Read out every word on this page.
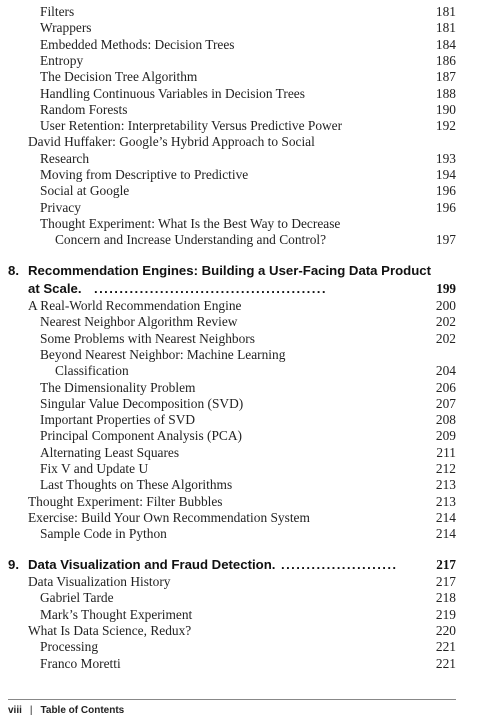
Filters	181
Wrappers	181
Embedded Methods: Decision Trees	184
Entropy	186
The Decision Tree Algorithm	187
Handling Continuous Variables in Decision Trees	188
Random Forests	190
User Retention: Interpretability Versus Predictive Power	192
David Huffaker: Google’s Hybrid Approach to Social
Research	193
Moving from Descriptive to Predictive	194
Social at Google	196
Privacy	196
Thought Experiment: What Is the Best Way to Decrease
Concern and Increase Understanding and Control?	197
8. Recommendation Engines: Building a User-Facing Data Product
at Scale. ..............................................	199
A Real-World Recommendation Engine	200
Nearest Neighbor Algorithm Review	202
Some Problems with Nearest Neighbors	202
Beyond Nearest Neighbor: Machine Learning
Classification	204
The Dimensionality Problem	206
Singular Value Decomposition (SVD)	207
Important Properties of SVD	208
Principal Component Analysis (PCA)	209
Alternating Least Squares	211
Fix V and Update U	212
Last Thoughts on These Algorithms	213
Thought Experiment: Filter Bubbles	213
Exercise: Build Your Own Recommendation System	214
Sample Code in Python	214
9. Data Visualization and Fraud Detection. .......................	217
Data Visualization History	217
Gabriel Tarde	218
Mark’s Thought Experiment	219
What Is Data Science, Redux?	220
Processing	221
Franco Moretti	221
viii | Table of Contents
